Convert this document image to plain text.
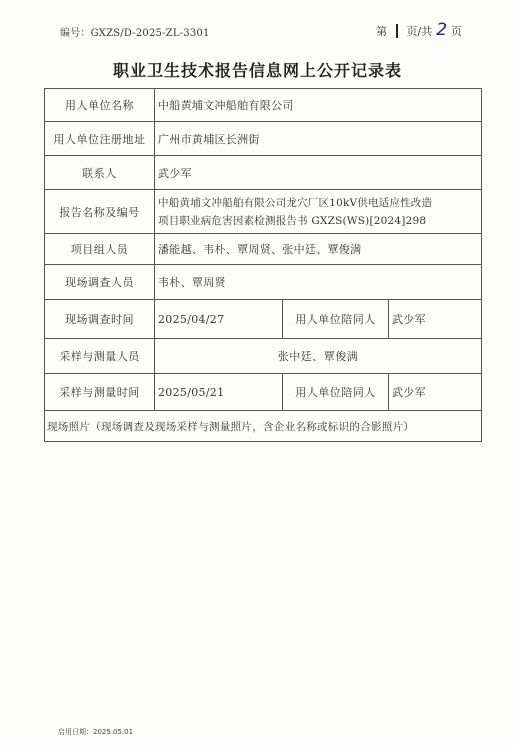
编号：GXZS/D-2025-ZL-3301	第 页/共 2 页
职业卫生技术报告信息网上公开记录表
用人单位名称	中船黄埔文冲船舶有限公司		
用人单位注册地址	广州市黄埔区长洲街		
联系人	武少军		
报告名称及编号	中船黄埔文冲船舶有限公司龙穴厂区10kV供电适应性改造
项目职业病危害因素检测报告书 GXZS(WS)[2024]298		

项目组人员	潘能越、韦朴、覃周贤、张中廷、覃俊满		
现场调查人员	韦朴、覃周贤		
现场调查时间	2025/04/27	用人单位陪同人	武少军
采样与测量人员	张中廷、覃俊满		
采样与测量时间	2025/05/21	用人单位陪同人	武少军
现场照片（现场调查及现场采样与测量照片，含企业名称或标识的合影照片）			
启用日期：2025.05.01
